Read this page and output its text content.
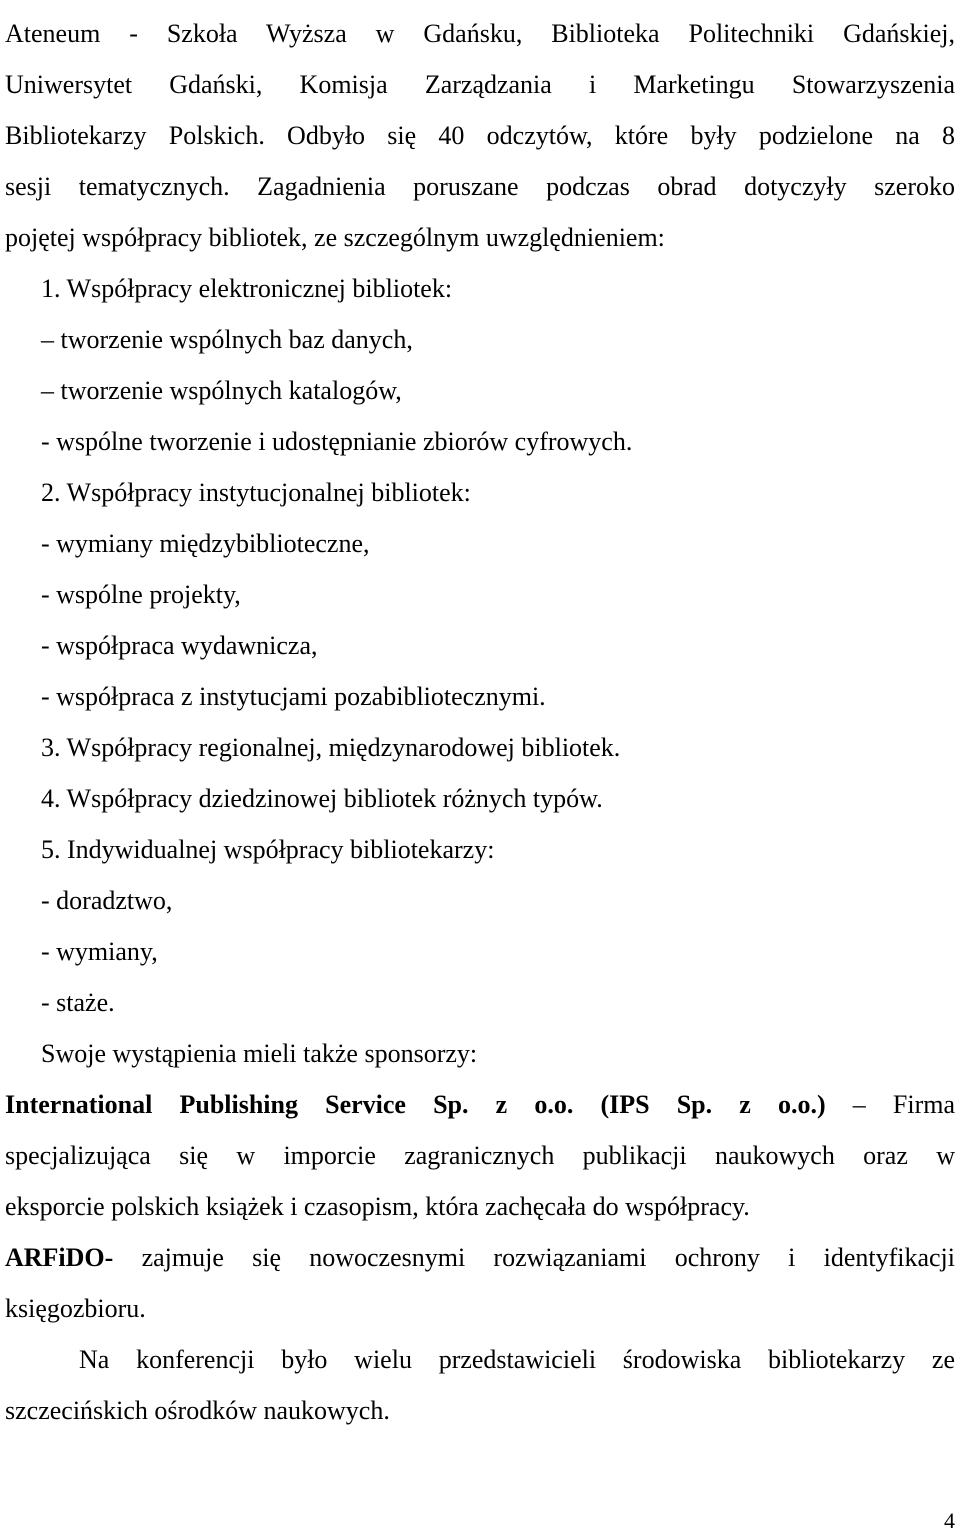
Ateneum - Szkoła Wyższa w Gdańsku, Biblioteka Politechniki Gdańskiej,
Uniwersytet Gdański, Komisja Zarządzania i Marketingu Stowarzyszenia
Bibliotekarzy Polskich. Odbyło się 40 odczytów, które były podzielone na 8
sesji tematycznych. Zagadnienia poruszane podczas obrad dotyczyły szeroko
pojętej współpracy bibliotek, ze szczególnym uwzględnieniem:
1. Współpracy elektronicznej bibliotek:
– tworzenie wspólnych baz danych,
– tworzenie wspólnych katalogów,
- wspólne tworzenie i udostępnianie zbiorów cyfrowych.
2. Współpracy instytucjonalnej bibliotek:
- wymiany międzybiblioteczne,
- wspólne projekty,
- współpraca wydawnicza,
- współpraca z instytucjami pozabibliotecznymi.
3. Współpracy regionalnej, międzynarodowej bibliotek.
4. Współpracy dziedzinowej bibliotek różnych typów.
5. Indywidualnej współpracy bibliotekarzy:
- doradztwo,
- wymiany,
- staże.
Swoje wystąpienia mieli także sponsorzy:
International Publishing Service Sp. z o.o. (IPS Sp. z o.o.) – Firma
specjalizująca się w imporcie zagranicznych publikacji naukowych oraz w
eksporcie polskich książek i czasopism, która zachęcała do współpracy.
ARFiDO- zajmuje się nowoczesnymi rozwiązaniami ochrony i identyfikacji
księgozbioru.
Na konferencji było wielu przedstawicieli środowiska bibliotekarzy ze
szczecińskich ośrodków naukowych.
4
